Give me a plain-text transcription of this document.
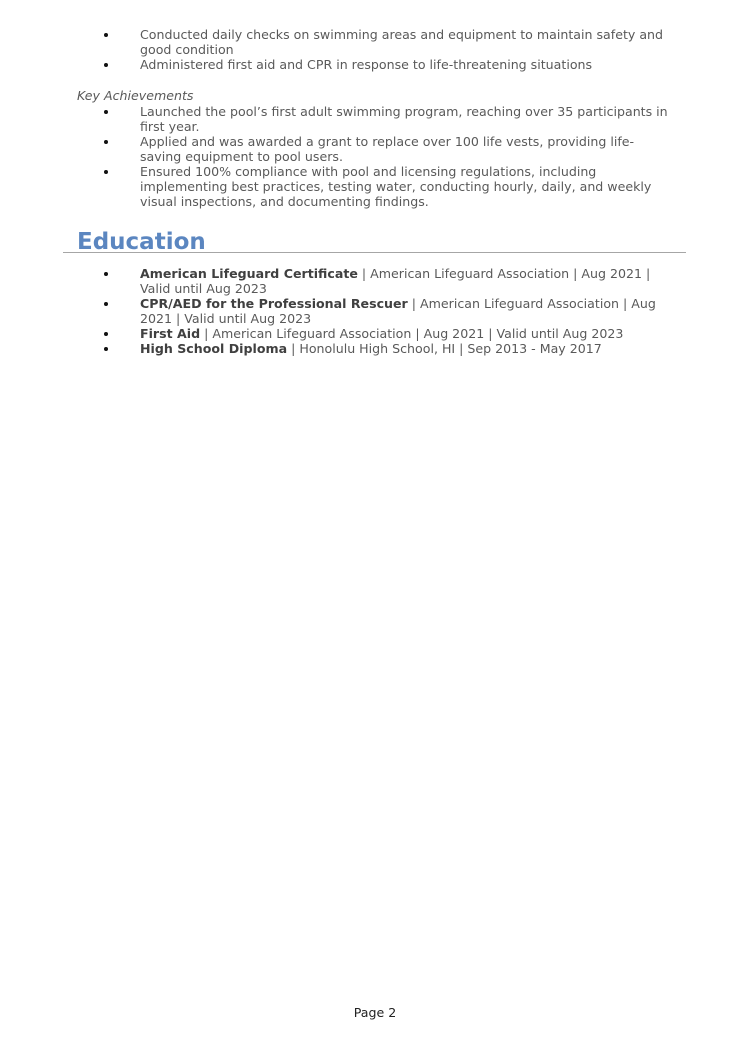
Conducted daily checks on swimming areas and equipment to maintain safety and good condition
Administered first aid and CPR in response to life-threatening situations
Key Achievements
Launched the pool’s first adult swimming program, reaching over 35 participants in first year.
Applied and was awarded a grant to replace over 100 life vests, providing life-saving equipment to pool users.
Ensured 100% compliance with pool and licensing regulations, including implementing best practices, testing water, conducting hourly, daily, and weekly visual inspections, and documenting findings.
Education
American Lifeguard Certificate | American Lifeguard Association | Aug 2021 | Valid until Aug 2023
CPR/AED for the Professional Rescuer | American Lifeguard Association | Aug 2021 | Valid until Aug 2023
First Aid | American Lifeguard Association | Aug 2021 | Valid until Aug 2023
High School Diploma | Honolulu High School, HI | Sep 2013 - May 2017
Page 2
